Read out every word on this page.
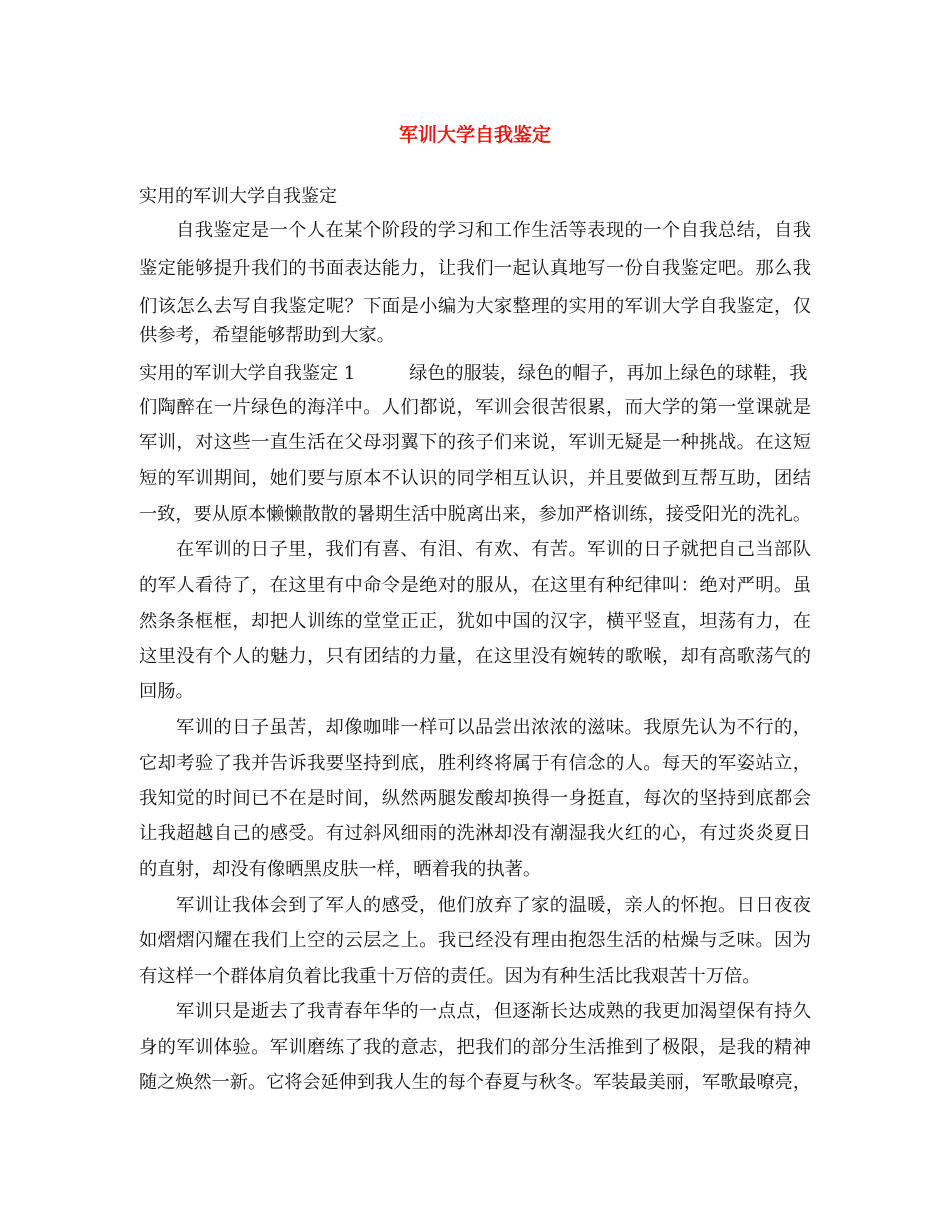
军训大学自我鉴定
实用的军训大学自我鉴定
自我鉴定是一个人在某个阶段的学习和工作生活等表现的一个自我总结，自我
鉴定能够提升我们的书面表达能力，让我们一起认真地写一份自我鉴定吧。那么我
们该怎么去写自我鉴定呢？下面是小编为大家整理的实用的军训大学自我鉴定，仅
供参考，希望能够帮助到大家。
实用的军训大学自我鉴定 1	绿色的服装，绿色的帽子，再加上绿色的球鞋，我
们陶醉在一片绿色的海洋中。人们都说，军训会很苦很累，而大学的第一堂课就是
军训，对这些一直生活在父母羽翼下的孩子们来说，军训无疑是一种挑战。在这短
短的军训期间，她们要与原本不认识的同学相互认识，并且要做到互帮互助，团结
一致，要从原本懒懒散散的暑期生活中脱离出来，参加严格训练，接受阳光的洗礼。
在军训的日子里，我们有喜、有泪、有欢、有苦。军训的日子就把自己当部队
的军人看待了，在这里有中命令是绝对的服从，在这里有种纪律叫：绝对严明。虽
然条条框框，却把人训练的堂堂正正，犹如中国的汉字，横平竖直，坦荡有力，在
这里没有个人的魅力，只有团结的力量，在这里没有婉转的歌喉，却有高歌荡气的
回肠。
军训的日子虽苦，却像咖啡一样可以品尝出浓浓的滋味。我原先认为不行的，
它却考验了我并告诉我要坚持到底，胜利终将属于有信念的人。每天的军姿站立，
我知觉的时间已不在是时间，纵然两腿发酸却换得一身挺直，每次的坚持到底都会
让我超越自己的感受。有过斜风细雨的洗淋却没有潮湿我火红的心，有过炎炎夏日
的直射，却没有像晒黑皮肤一样，晒着我的执著。
军训让我体会到了军人的感受，他们放弃了家的温暖，亲人的怀抱。日日夜夜
如熠熠闪耀在我们上空的云层之上。我已经没有理由抱怨生活的枯燥与乏味。因为
有这样一个群体肩负着比我重十万倍的责任。因为有种生活比我艰苦十万倍。
军训只是逝去了我青春年华的一点点，但逐渐长达成熟的我更加渴望保有持久
身的军训体验。军训磨练了我的意志，把我们的部分生活推到了极限，是我的精神
随之焕然一新。它将会延伸到我人生的每个春夏与秋冬。军装最美丽，军歌最嘹亮，
